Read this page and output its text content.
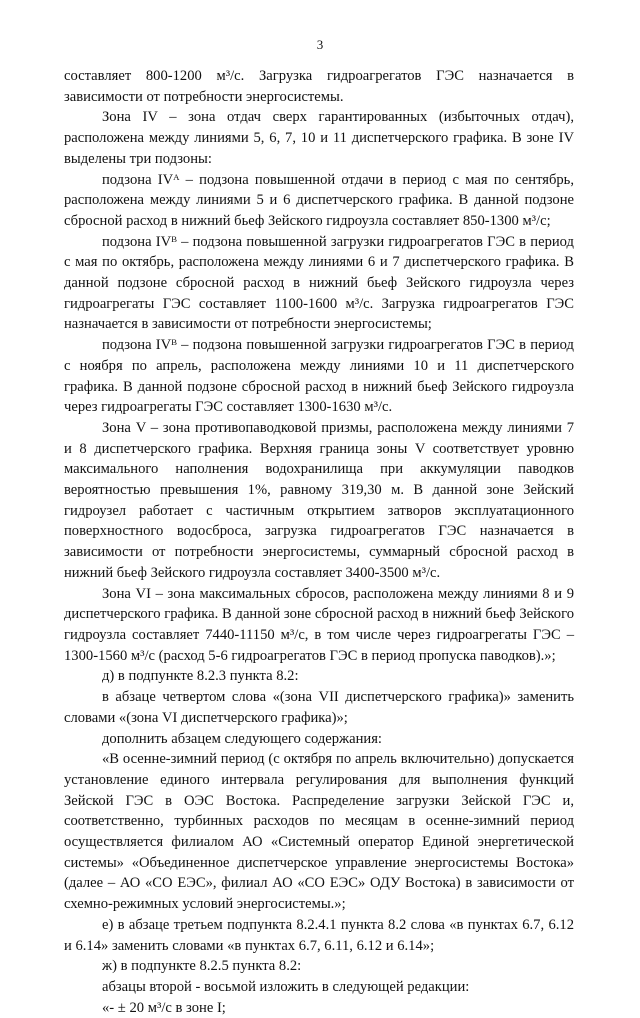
3

составляет 800-1200 м³/с. Загрузка гидроагрегатов ГЭС назначается в зависимости от потребности энергосистемы.

Зона IV – зона отдач сверх гарантированных (избыточных отдач), расположена между линиями 5, 6, 7, 10 и 11 диспетчерского графика. В зоне IV выделены три подзоны:

подзона IVᴬ – подзона повышенной отдачи в период с мая по сентябрь, расположена между линиями 5 и 6 диспетчерского графика. В данной подзоне сбросной расход в нижний бьеф Зейского гидроузла составляет 850-1300 м³/с;

подзона IVᴮ – подзона повышенной загрузки гидроагрегатов ГЭС в период с мая по октябрь, расположена между линиями 6 и 7 диспетчерского графика. В данной подзоне сбросной расход в нижний бьеф Зейского гидроузла через гидроагрегаты ГЭС составляет 1100-1600 м³/с. Загрузка гидроагрегатов ГЭС назначается в зависимости от потребности энергосистемы;

подзона IVᴮ – подзона повышенной загрузки гидроагрегатов ГЭС в период с ноября по апрель, расположена между линиями 10 и 11 диспетчерского графика. В данной подзоне сбросной расход в нижний бьеф Зейского гидроузла через гидроагрегаты ГЭС составляет 1300-1630 м³/с.

Зона V – зона противопаводковой призмы, расположена между линиями 7 и 8 диспетчерского графика. Верхняя граница зоны V соответствует уровню максимального наполнения водохранилища при аккумуляции паводков вероятностью превышения 1%, равному 319,30 м. В данной зоне Зейский гидроузел работает с частичным открытием затворов эксплуатационного поверхностного водосброса, загрузка гидроагрегатов ГЭС назначается в зависимости от потребности энергосистемы, суммарный сбросной расход в нижний бьеф Зейского гидроузла составляет 3400-3500 м³/с.

Зона VI – зона максимальных сбросов, расположена между линиями 8 и 9 диспетчерского графика. В данной зоне сбросной расход в нижний бьеф Зейского гидроузла составляет 7440-11150 м³/с, в том числе через гидроагрегаты ГЭС – 1300-1560 м³/с (расход 5-6 гидроагрегатов ГЭС в период пропуска паводков).»;

д) в подпункте 8.2.3 пункта 8.2:

в абзаце четвертом слова «(зона VII диспетчерского графика)» заменить словами «(зона VI диспетчерского графика)»;

дополнить абзацем следующего содержания:

«В осенне-зимний период (с октября по апрель включительно) допускается установление единого интервала регулирования для выполнения функций Зейской ГЭС в ОЭС Востока. Распределение загрузки Зейской ГЭС и, соответственно, турбинных расходов по месяцам в осенне-зимний период осуществляется филиалом АО «Системный оператор Единой энергетической системы» «Объединенное диспетчерское управление энергосистемы Востока» (далее – АО «СО ЕЭС», филиал АО «СО ЕЭС» ОДУ Востока) в зависимости от схемно-режимных условий энергосистемы.»;

е) в абзаце третьем подпункта 8.2.4.1 пункта 8.2 слова «в пунктах 6.7, 6.12 и 6.14» заменить словами «в пунктах 6.7, 6.11, 6.12 и 6.14»;

ж) в подпункте 8.2.5 пункта 8.2:

абзацы второй - восьмой изложить в следующей редакции:

«- ± 20 м³/с в зоне I;
